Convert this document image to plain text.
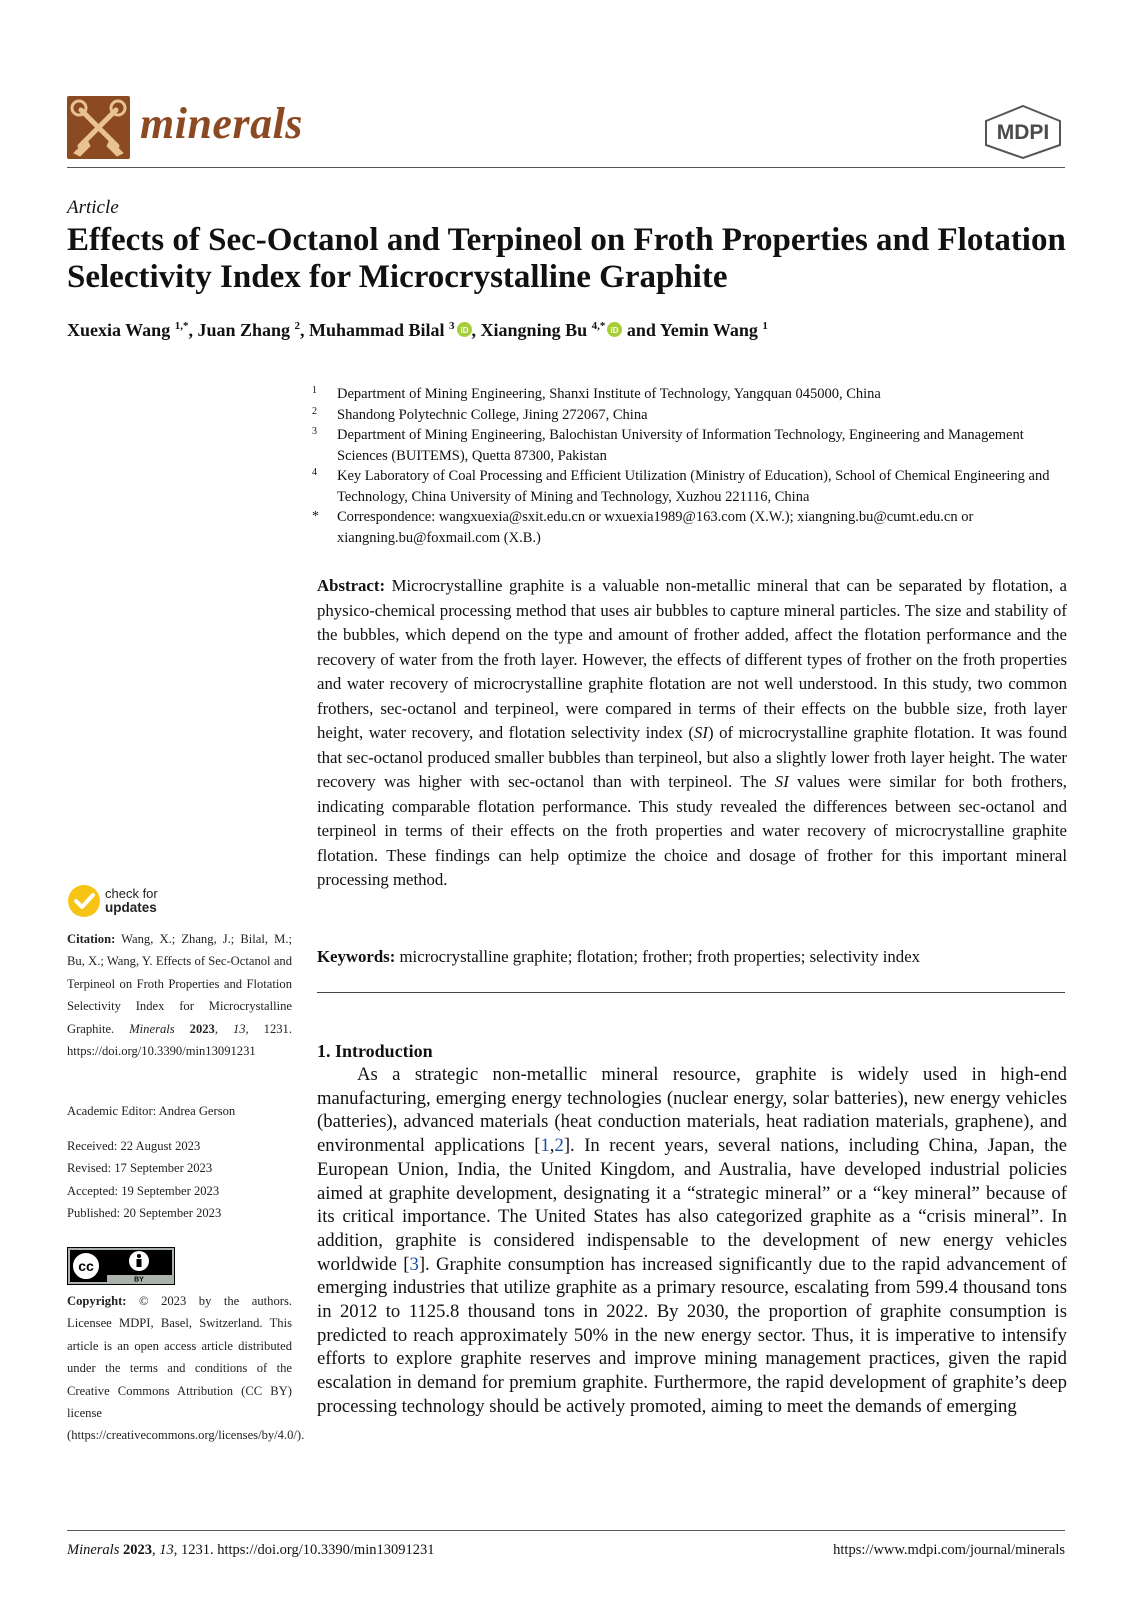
minerals	MDPI
Article
Effects of Sec-Octanol and Terpineol on Froth Properties and Flotation Selectivity Index for Microcrystalline Graphite
Xuexia Wang $^{1,*}$, Juan Zhang $^2$, Muhammad Bilal $^3$ iD , Xiangning Bu $^{4,*}$ iD and Yemin Wang $^1$
1	Department of Mining Engineering, Shanxi Institute of Technology, Yangquan 045000, China
2	Shandong Polytechnic College, Jining 272067, China
3	Department of Mining Engineering, Balochistan University of Information Technology, Engineering and Management Sciences (BUITEMS), Quetta 87300, Pakistan
4	Key Laboratory of Coal Processing and Efficient Utilization (Ministry of Education), School of Chemical Engineering and Technology, China University of Mining and Technology, Xuzhou 221116, China
*	Correspondence: wangxuexia@sxit.edu.cn or wxuexia1989@163.com (X.W.); xiangning.bu@cumt.edu.cn or xiangning.bu@foxmail.com (X.B.)
Abstract: Microcrystalline graphite is a valuable non-metallic mineral that can be separated by flotation, a physico-chemical processing method that uses air bubbles to capture mineral particles. The size and stability of the bubbles, which depend on the type and amount of frother added, affect the flotation performance and the recovery of water from the froth layer. However, the effects of different types of frother on the froth properties and water recovery of microcrystalline graphite flotation are not well understood. In this study, two common frothers, sec-octanol and terpineol, were compared in terms of their effects on the bubble size, froth layer height, water recovery, and flotation selectivity index (SI) of microcrystalline graphite flotation. It was found that sec-octanol produced smaller bubbles than terpineol, but also a slightly lower froth layer height. The water recovery was higher with sec-octanol than with terpineol. The SI values were similar for both frothers, indicating comparable flotation performance. This study revealed the differences between sec-octanol and terpineol in terms of their effects on the froth properties and water recovery of microcrystalline graphite flotation. These findings can help optimize the choice and dosage of frother for this important mineral processing method.
Keywords: microcrystalline graphite; flotation; frother; froth properties; selectivity index
1. Introduction
As a strategic non-metallic mineral resource, graphite is widely used in high-end manufacturing, emerging energy technologies (nuclear energy, solar batteries), new energy vehicles (batteries), advanced materials (heat conduction materials, heat radiation materials, graphene), and environmental applications [1,2]. In recent years, several nations, including China, Japan, the European Union, India, the United Kingdom, and Australia, have developed industrial policies aimed at graphite development, designating it a “strategic mineral” or a “key mineral” because of its critical importance. The United States has also categorized graphite as a “crisis mineral”. In addition, graphite is considered indispensable to the development of new energy vehicles worldwide [3]. Graphite consumption has increased significantly due to the rapid advancement of emerging industries that utilize graphite as a primary resource, escalating from 599.4 thousand tons in 2012 to 1125.8 thousand tons in 2022. By 2030, the proportion of graphite consumption is predicted to reach approximately 50% in the new energy sector. Thus, it is imperative to intensify efforts to explore graphite reserves and improve mining management practices, given the rapid escalation in demand for premium graphite. Furthermore, the rapid development of graphite’s deep processing technology should be actively promoted, aiming to meet the demands of emerging
check for
updates
Citation: Wang, X.; Zhang, J.; Bilal, M.; Bu, X.; Wang, Y. Effects of Sec-Octanol and Terpineol on Froth Properties and Flotation Selectivity Index for Microcrystalline Graphite. Minerals 2023, 13, 1231. https://doi.org/10.3390/min13091231
Academic Editor: Andrea Gerson
Received: 22 August 2023
Revised: 17 September 2023
Accepted: 19 September 2023
Published: 20 September 2023
cc
BY
Copyright: © 2023 by the authors. Licensee MDPI, Basel, Switzerland. This article is an open access article distributed under the terms and conditions of the Creative Commons Attribution (CC BY) license (https://creativecommons.org/licenses/by/4.0/).
Minerals 2023, 13, 1231. https://doi.org/10.3390/min13091231	https://www.mdpi.com/journal/minerals
